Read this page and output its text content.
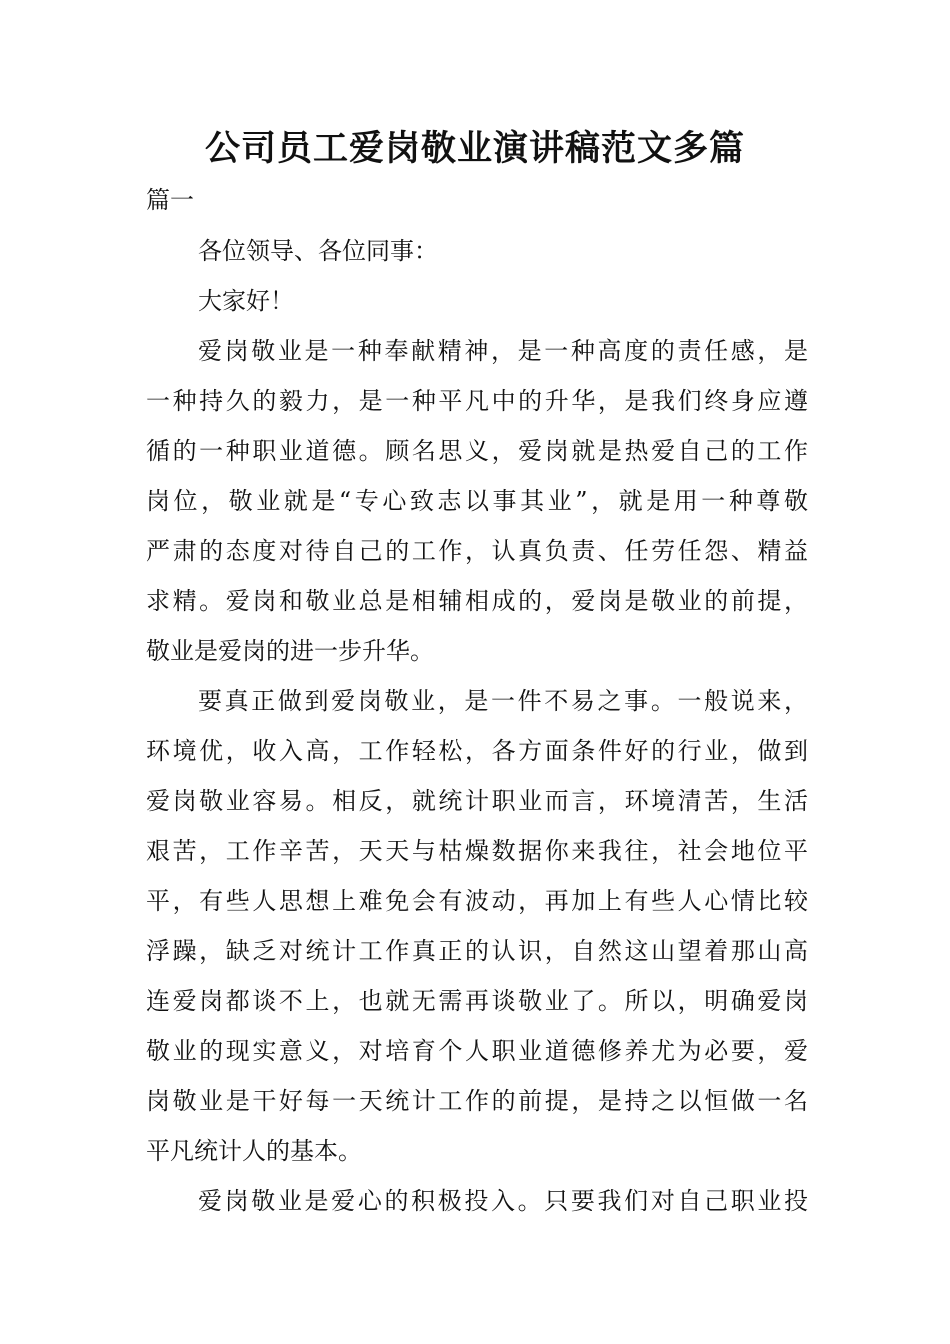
公司员工爱岗敬业演讲稿范文多篇
篇一
各位领导、各位同事：
大家好！
爱岗敬业是一种奉献精神，是一种高度的责任感，是
一种持久的毅力，是一种平凡中的升华，是我们终身应遵
循的一种职业道德。顾名思义，爱岗就是热爱自己的工作
岗位，敬业就是“专心致志以事其业”，就是用一种尊敬
严肃的态度对待自己的工作，认真负责、任劳任怨、精益
求精。爱岗和敬业总是相辅相成的，爱岗是敬业的前提，
敬业是爱岗的进一步升华。
要真正做到爱岗敬业，是一件不易之事。一般说来，
环境优，收入高，工作轻松，各方面条件好的行业，做到
爱岗敬业容易。相反，就统计职业而言，环境清苦，生活
艰苦，工作辛苦，天天与枯燥数据你来我往，社会地位平
平，有些人思想上难免会有波动，再加上有些人心情比较
浮躁，缺乏对统计工作真正的认识，自然这山望着那山高
连爱岗都谈不上，也就无需再谈敬业了。所以，明确爱岗
敬业的现实意义，对培育个人职业道德修养尤为必要，爱
岗敬业是干好每一天统计工作的前提，是持之以恒做一名
平凡统计人的基本。
爱岗敬业是爱心的积极投入。只要我们对自己职业投
